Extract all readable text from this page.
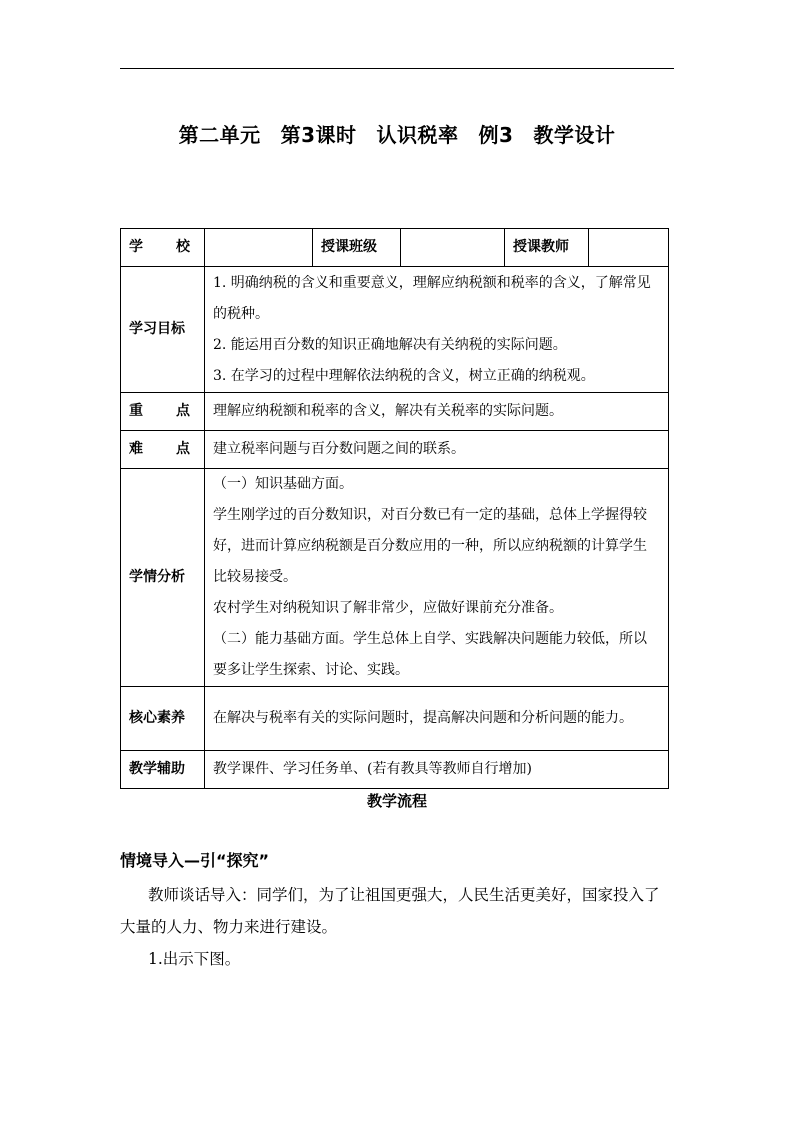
第二单元 第3课时 认识税率 例3 教学设计
学 校		授课班级		授课教师	
学习目标	1. 明确纳税的含义和重要意义，理解应纳税额和税率的含义，了解常见的税种。

2. 能运用百分数的知识正确地解决有关纳税的实际问题。

3. 在学习的过程中理解依法纳税的含义，树立正确的纳税观。				

重 点	理解应纳税额和税率的含义，解决有关税率的实际问题。				

难 点	建立税率问题与百分数问题之间的联系。				
学情分析	（一）知识基础方面。

学生刚学过的百分数知识，对百分数已有一定的基础，总体上学握得较好，进而计算应纳税额是百分数应用的一种，所以应纳税额的计算学生比较易接受。

农村学生对纳税知识了解非常少，应做好课前充分准备。

（二）能力基础方面。学生总体上自学、实践解决问题能力较低，所以要多让学生探索、讨论、实践。				

核心素养	在解决与税率有关的实际问题时，提高解决问题和分析问题的能力。				
教学辅助	教学课件、学习任务单、(若有教具等教师自行增加)				
教学流程
情境导入—引“探究”

教师谈话导入：同学们，为了让祖国更强大，人民生活更美好，国家投入了大量的人力、物力来进行建设。

1.出示下图。
